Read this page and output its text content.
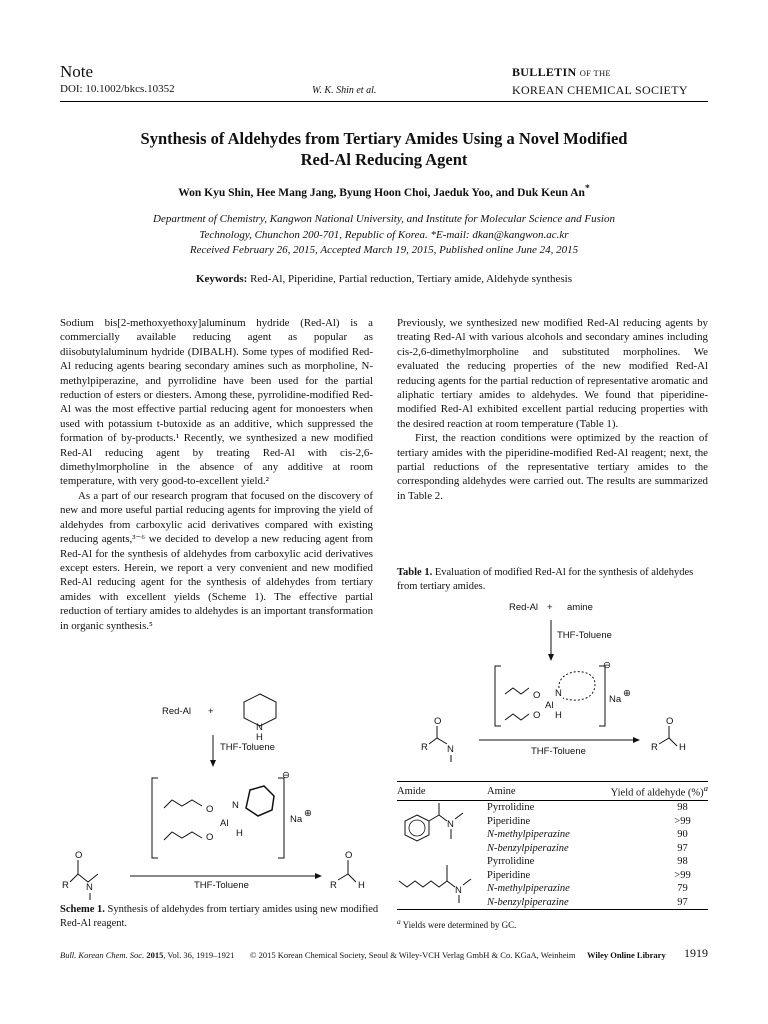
Note
DOI: 10.1002/bkcs.10352	W. K. Shin et al.
BULLETIN OF THE
KOREAN CHEMICAL SOCIETY
Synthesis of Aldehydes from Tertiary Amides Using a Novel Modified
Red-Al Reducing Agent
Won Kyu Shin, Hee Mang Jang, Byung Hoon Choi, Jaeduk Yoo, and Duk Keun An*
Department of Chemistry, Kangwon National University, and Institute for Molecular Science and Fusion
Technology, Chunchon 200-701, Republic of Korea. *E-mail: dkan@kangwon.ac.kr
Received February 26, 2015, Accepted March 19, 2015, Published online June 24, 2015
Keywords: Red-Al, Piperidine, Partial reduction, Tertiary amide, Aldehyde synthesis

Sodium bis[2-methoxyethoxy]aluminum hydride (Red-Al) is a commercially available reducing agent as popular as diisobutylaluminum hydride (DIBALH). Some types of modified Red-Al reducing agents bearing secondary amines such as morpholine, N-methylpiperazine, and pyrrolidine have been used for the partial reduction of esters or diesters. Among these, pyrrolidine-modified Red-Al was the most effective partial reducing agent for monoesters when used with potassium t-butoxide as an additive, which suppressed the formation of by-products.¹ Recently, we synthesized a new modified Red-Al reducing agent by treating Red-Al with cis-2,6-dimethylmorpholine in the absence of any additive at room temperature, with very good-to-excellent yield.²

As a part of our research program that focused on the discovery of new and more useful partial reducing agents for improving the yield of aldehydes from carboxylic acid derivatives compared with existing reducing agents,³⁻⁶ we decided to develop a new reducing agent from Red-Al for the synthesis of aldehydes from carboxylic acid derivatives except esters. Herein, we report a very convenient and new modified Red-Al reducing agent for the synthesis of aldehydes from tertiary amides with excellent yields (Scheme 1). The effective partial reduction of tertiary amides to aldehydes is an important transformation in organic synthesis.⁵

Previously, we synthesized new modified Red-Al reducing agents by treating Red-Al with various alcohols and secondary amines including cis-2,6-dimethylmorpholine and substituted morpholines. We evaluated the reducing properties of the new modified Red-Al reducing agents for the partial reduction of representative aromatic and aliphatic tertiary amides to aldehydes. We found that piperidine-modified Red-Al exhibited excellent partial reducing properties with the desired reaction at room temperature (Table 1).

First, the reaction conditions were optimized by the reaction of tertiary amides with the piperidine-modified Red-Al reagent; next, the partial reductions of the representative tertiary amides to the corresponding aldehydes were carried out. The results are summarized in Table 2.

Red-Al +
N
H
THF-Toluene
⊖
O
O
Al
N
H
Na
⊕
R
O
N	THF-Toluene	R
O
H
Scheme 1. Synthesis of aldehydes from tertiary amides using new modified Red-Al reagent.
Table 1. Evaluation of modified Red-Al for the synthesis of aldehydes from tertiary amides.
Red-Al + amine
THF-Toluene
⊖
O
O
Al
N
H
Na
⊕
R
O
N	THF-Toluene	R
O
H
Amide	Amine	Yield of aldehyde (%)$^a$

N	Pyrrolidine	98
	Piperidine	>99
	N-methylpiperazine	90
	N-benzylpiperazine	97

N	Pyrrolidine	98
	Piperidine	>99
	N-methylpiperazine	79
	N-benzylpiperazine	97
$^a$ Yields were determined by GC.
Bull. Korean Chem. Soc. 2015, Vol. 36, 1919–1921 © 2015 Korean Chemical Society, Seoul & Wiley-VCH Verlag GmbH & Co. KGaA, Weinheim Wiley Online Library 1919
